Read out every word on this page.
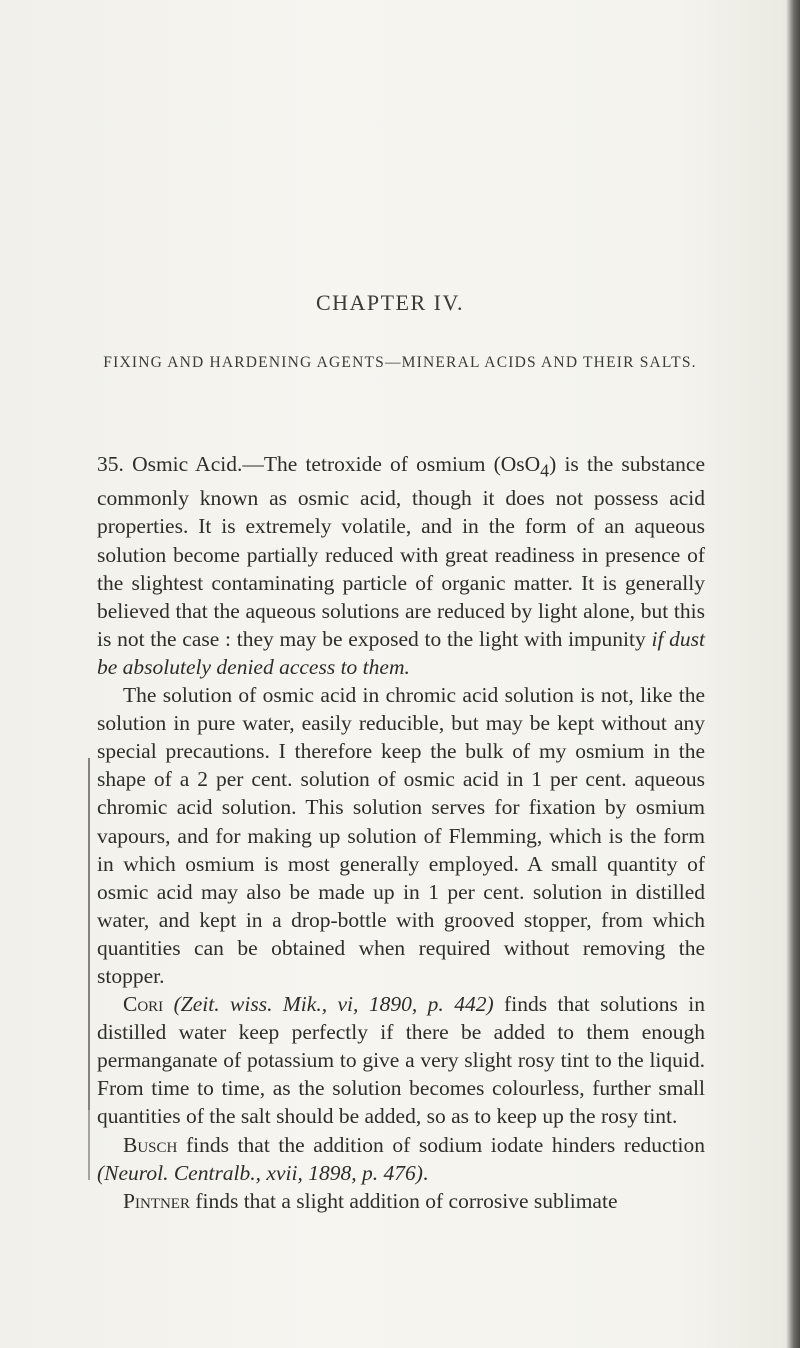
CHAPTER IV.
FIXING AND HARDENING AGENTS—MINERAL ACIDS AND THEIR SALTS.

35. Osmic Acid.—The tetroxide of osmium (OsO$_4$) is the substance commonly known as osmic acid, though it does not possess acid properties. It is extremely volatile, and in the form of an aqueous solution become partially reduced with great readiness in presence of the slightest contaminating particle of organic matter. It is generally believed that the aqueous solutions are reduced by light alone, but this is not the case : they may be exposed to the light with impunity if dust be absolutely denied access to them.

The solution of osmic acid in chromic acid solution is not, like the solution in pure water, easily reducible, but may be kept without any special precautions. I therefore keep the bulk of my osmium in the shape of a 2 per cent. solution of osmic acid in 1 per cent. aqueous chromic acid solution. This solution serves for fixation by osmium vapours, and for making up solution of Flemming, which is the form in which osmium is most generally employed. A small quantity of osmic acid may also be made up in 1 per cent. solution in distilled water, and kept in a drop-bottle with grooved stopper, from which quantities can be obtained when required without removing the stopper.

Cori (Zeit. wiss. Mik., vi, 1890, p. 442) finds that solutions in distilled water keep perfectly if there be added to them enough permanganate of potassium to give a very slight rosy tint to the liquid. From time to time, as the solution becomes colourless, further small quantities of the salt should be added, so as to keep up the rosy tint.

Busch finds that the addition of sodium iodate hinders reduction (Neurol. Centralb., xvii, 1898, p. 476).

Pintner finds that a slight addition of corrosive sublimate
